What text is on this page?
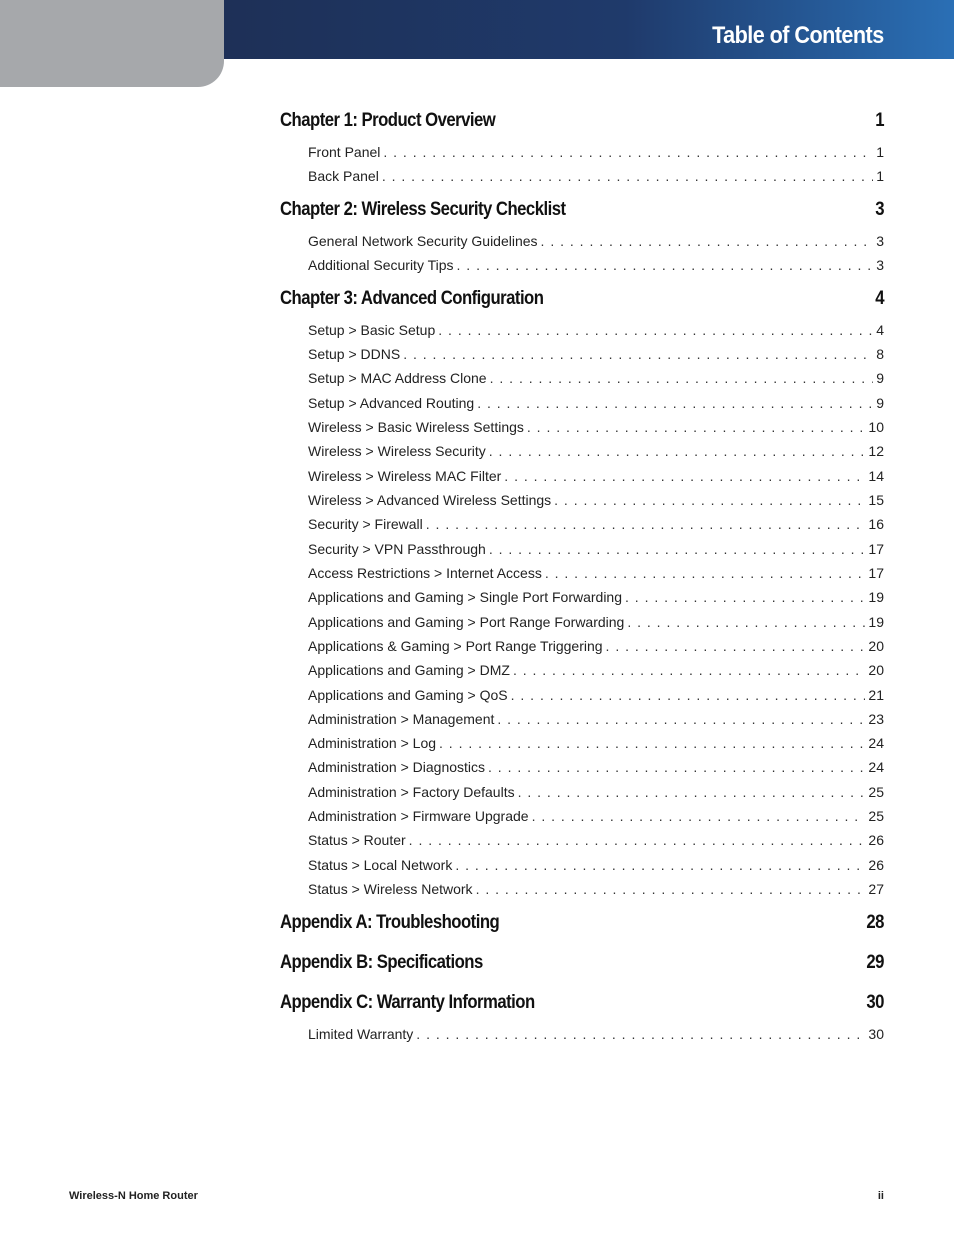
Table of Contents
Chapter 1: Product Overview	1
Front Panel . . .	1
Back Panel . . .	1
Chapter 2: Wireless Security Checklist	3
General Network Security Guidelines . . .	3
Additional Security Tips . . .	3
Chapter 3: Advanced Configuration	4
Setup > Basic Setup . . .	4
Setup > DDNS . . .	8
Setup > MAC Address Clone . . .	9
Setup > Advanced Routing . . .	9
Wireless > Basic Wireless Settings . . .	10
Wireless > Wireless Security . . .	12
Wireless > Wireless MAC Filter . . .	14
Wireless > Advanced Wireless Settings . . .	15
Security > Firewall . . .	16
Security > VPN Passthrough . . .	17
Access Restrictions > Internet Access . . .	17
Applications and Gaming > Single Port Forwarding . . .	19
Applications and Gaming > Port Range Forwarding . . .	19
Applications & Gaming > Port Range Triggering . . .	20
Applications and Gaming > DMZ . . .	20
Applications and Gaming > QoS . . .	21
Administration > Management . . .	23
Administration > Log . . .	24
Administration > Diagnostics . . .	24
Administration > Factory Defaults . . .	25
Administration > Firmware Upgrade . . .	25
Status > Router . . .	26
Status > Local Network . . .	26
Status > Wireless Network . . .	27
Appendix A: Troubleshooting	28
Appendix B: Specifications	29
Appendix C: Warranty Information	30
Limited Warranty . . .	30
Wireless-N Home Router	ii
